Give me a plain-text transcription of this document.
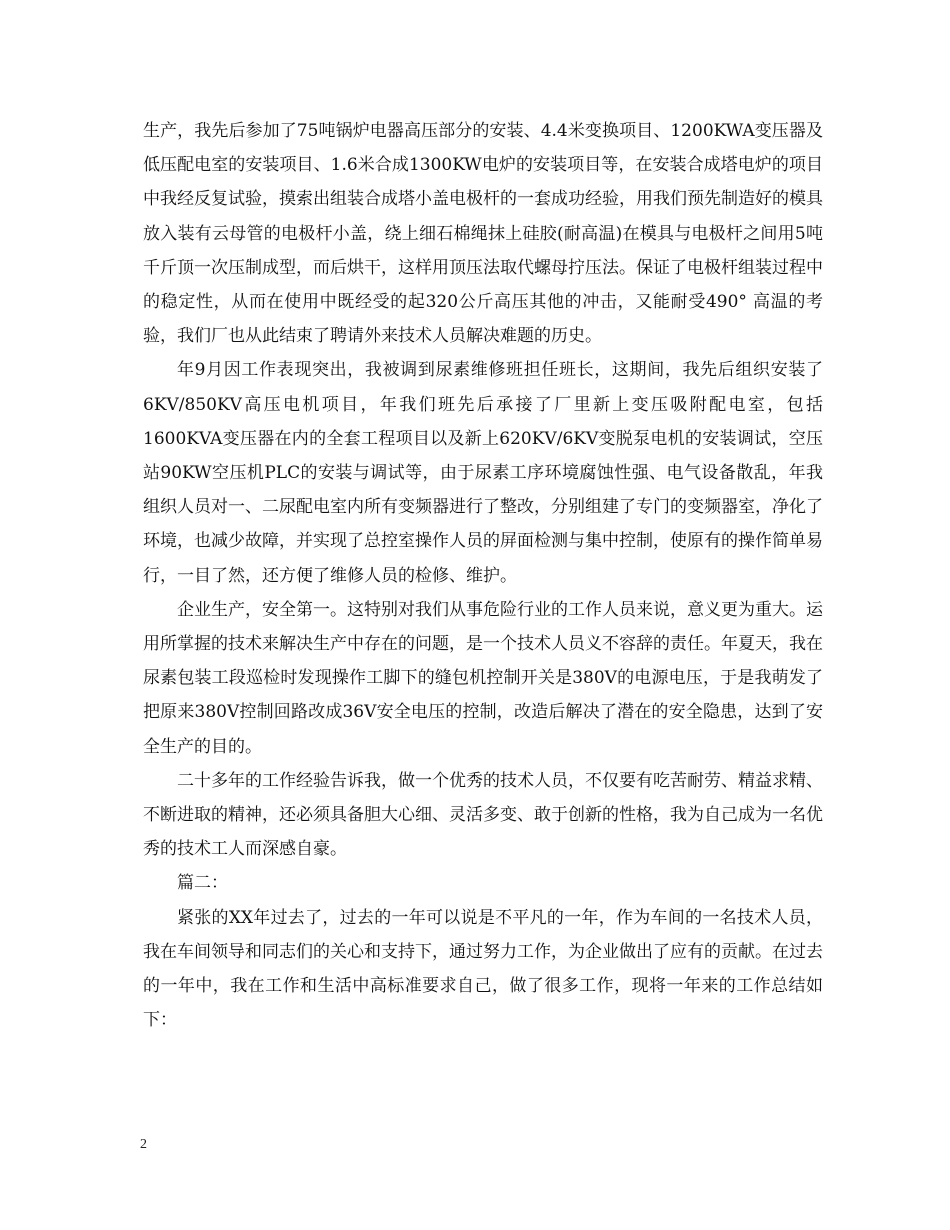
生产，我先后参加了75吨锅炉电器高压部分的安装、4.4米变换项目、1200KWA变压器及低压配电室的安装项目、1.6米合成1300KW电炉的安装项目等，在安装合成塔电炉的项目中我经反复试验，摸索出组装合成塔小盖电极杆的一套成功经验，用我们预先制造好的模具放入装有云母管的电极杆小盖，绕上细石棉绳抹上硅胶(耐高温)在模具与电极杆之间用5吨千斤顶一次压制成型，而后烘干，这样用顶压法取代螺母拧压法。保证了电极杆组装过程中的稳定性，从而在使用中既经受的起320公斤高压其他的冲击，又能耐受490° 高温的考验，我们厂也从此结束了聘请外来技术人员解决难题的历史。

年9月因工作表现突出，我被调到尿素维修班担任班长，这期间，我先后组织安装了6KV/850KV高压电机项目，年我们班先后承接了厂里新上变压吸附配电室，包括1600KVA变压器在内的全套工程项目以及新上620KV/6KV变脱泵电机的安装调试，空压站90KW空压机PLC的安装与调试等，由于尿素工序环境腐蚀性强、电气设备散乱，年我组织人员对一、二尿配电室内所有变频器进行了整改，分别组建了专门的变频器室，净化了环境，也减少故障，并实现了总控室操作人员的屏面检测与集中控制，使原有的操作简单易行，一目了然，还方便了维修人员的检修、维护。

企业生产，安全第一。这特别对我们从事危险行业的工作人员来说，意义更为重大。运用所掌握的技术来解决生产中存在的问题，是一个技术人员义不容辞的责任。年夏天，我在尿素包装工段巡检时发现操作工脚下的缝包机控制开关是380V的电源电压，于是我萌发了把原来380V控制回路改成36V安全电压的控制，改造后解决了潜在的安全隐患，达到了安全生产的目的。

二十多年的工作经验告诉我，做一个优秀的技术人员，不仅要有吃苦耐劳、精益求精、不断进取的精神，还必须具备胆大心细、灵活多变、敢于创新的性格，我为自己成为一名优秀的技术工人而深感自豪。

篇二：

紧张的XX年过去了，过去的一年可以说是不平凡的一年，作为车间的一名技术人员，我在车间领导和同志们的关心和支持下，通过努力工作，为企业做出了应有的贡献。在过去的一年中，我在工作和生活中高标准要求自己，做了很多工作，现将一年来的工作总结如下：

2
